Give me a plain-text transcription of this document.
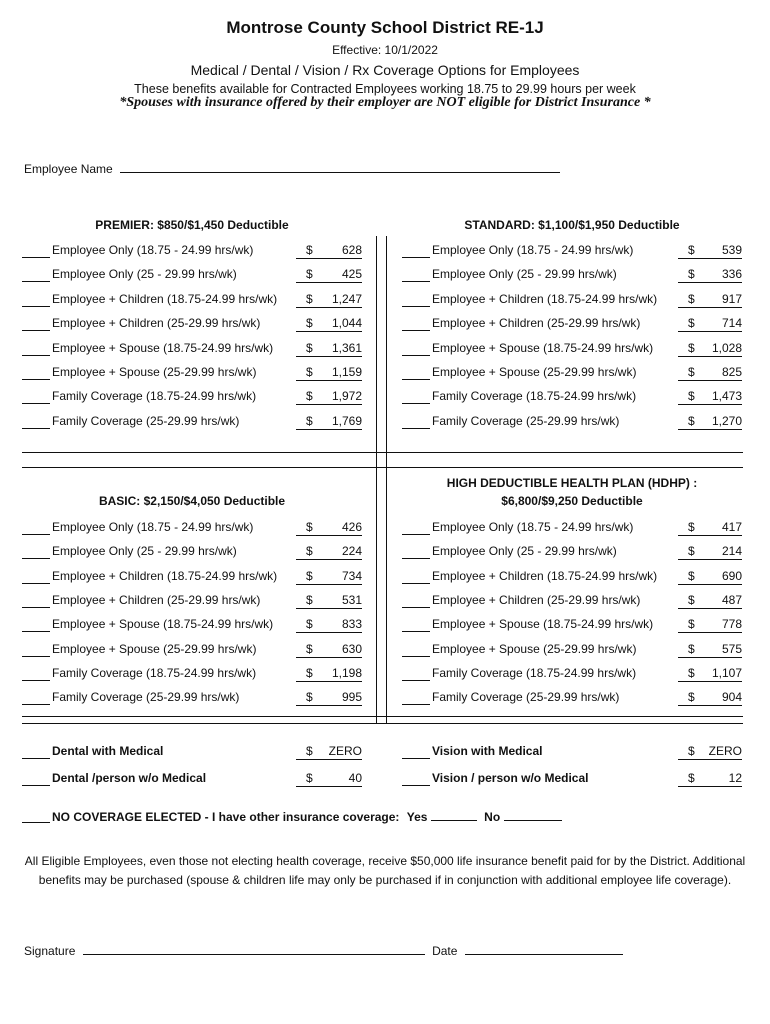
Montrose County School District RE-1J
Effective: 10/1/2022
Medical / Dental / Vision / Rx Coverage Options for Employees
These benefits available for Contracted Employees working 18.75 to 29.99 hours per week
*Spouses with insurance offered by their employer are NOT eligible for District Insurance *
Employee Name
PREMIER: $850/$1,450 Deductible	STANDARD: $1,100/$1,950 Deductible
BASIC: $2,150/$4,050 Deductible
HIGH DEDUCTIBLE HEALTH PLAN (HDHP) :
$6,800/$9,250 Deductible
Employee Only (18.75 - 24.99 hrs/wk)	$ 628
Employee Only (25 - 29.99 hrs/wk)	$ 425
Employee + Children (18.75-24.99 hrs/wk) $ 1,247
Employee + Children (25-29.99 hrs/wk)	$ 1,044
Employee + Spouse (18.75-24.99 hrs/wk)	$ 1,361
Employee + Spouse (25-29.99 hrs/wk)	$ 1,159
Family Coverage (18.75-24.99 hrs/wk)	$ 1,972
Family Coverage (25-29.99 hrs/wk)	$ 1,769
Employee Only (18.75 - 24.99 hrs/wk)	$ 539
Employee Only (25 - 29.99 hrs/wk)	$ 336
Employee + Children (18.75-24.99 hrs/wk)	$ 917
Employee + Children (25-29.99 hrs/wk)	$ 714
Employee + Spouse (18.75-24.99 hrs/wk)	$ 1,028
Employee + Spouse (25-29.99 hrs/wk)	$ 825
Family Coverage (18.75-24.99 hrs/wk)	$ 1,473
Family Coverage (25-29.99 hrs/wk)	$ 1,270
Employee Only (18.75 - 24.99 hrs/wk)	$ 426
Employee Only (25 - 29.99 hrs/wk)	$ 224
Employee + Children (18.75-24.99 hrs/wk) $ 734
Employee + Children (25-29.99 hrs/wk)	$ 531
Employee + Spouse (18.75-24.99 hrs/wk)	$ 833
Employee + Spouse (25-29.99 hrs/wk)	$ 630
Family Coverage (18.75-24.99 hrs/wk)	$ 1,198
Family Coverage (25-29.99 hrs/wk)	$ 995
Employee Only (18.75 - 24.99 hrs/wk)	$ 417
Employee Only (25 - 29.99 hrs/wk)	$ 214
Employee + Children (18.75-24.99 hrs/wk)	$ 690
Employee + Children (25-29.99 hrs/wk)	$ 487
Employee + Spouse (18.75-24.99 hrs/wk)	$ 778
Employee + Spouse (25-29.99 hrs/wk)	$ 575
Family Coverage (18.75-24.99 hrs/wk)	$ 1,107
Family Coverage (25-29.99 hrs/wk)	$ 904
Dental with Medical	$ ZERO
Dental /person w/o Medical	$	40
Vision with Medical	$ ZERO
Vision / person w/o Medical	$	12
NO COVERAGE ELECTED - I have other insurance coverage: Yes	No
All Eligible Employees, even those not electing health coverage, receive $50,000 life insurance benefit paid for by the District. Additional benefits may be purchased (spouse & children life may only be purchased if in conjunction with additional employee life coverage).
Signature	Date
